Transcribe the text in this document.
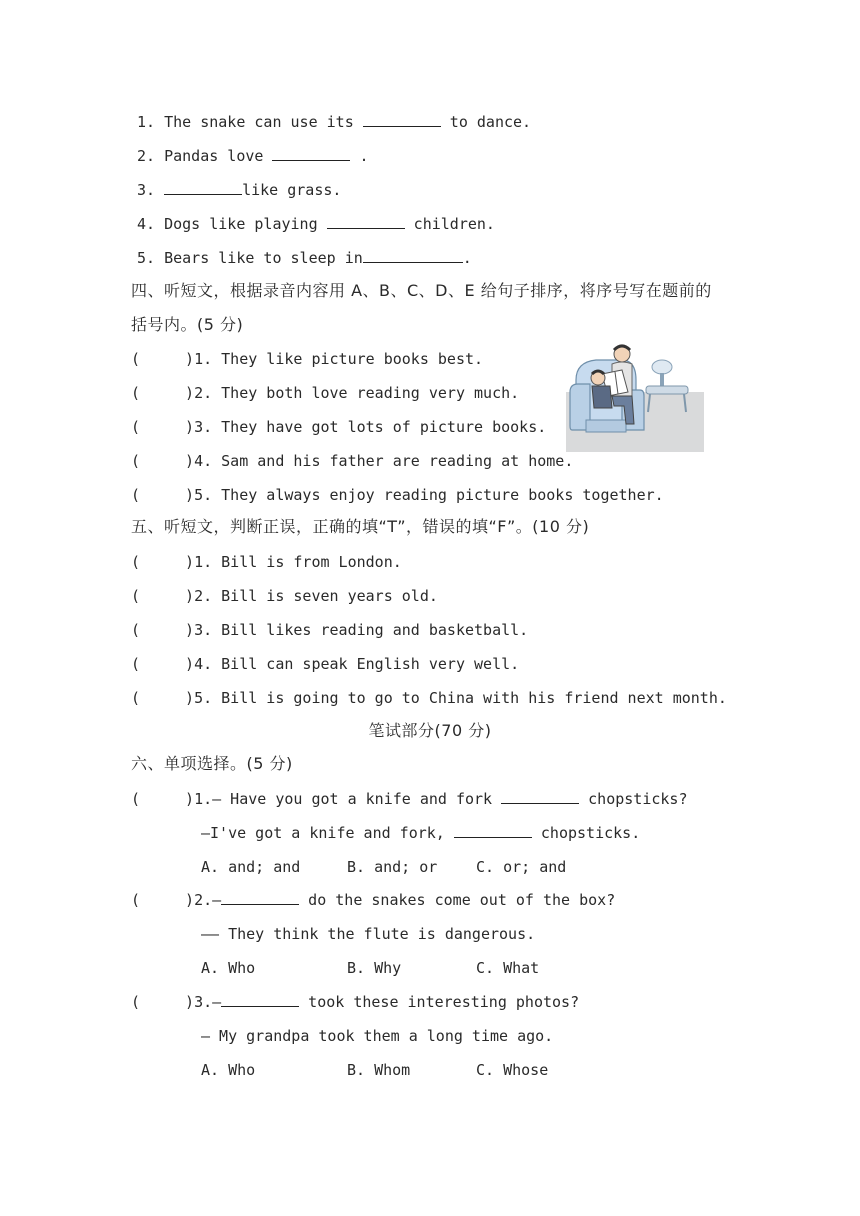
1. The snake can use its	to dance.
2. Pandas love	.
3.	like grass.
4. Dogs like playing	children.
5. Bears like to sleep in	.
四、听短文，根据录音内容用 A、B、C、D、E 给句子排序，将序号写在题前的
括号内。(5 分)
(	)1. They like picture books best.
(	)2. They both love reading very much.
(	)3. They have got lots of picture books.
(	)4. Sam and his father are reading at home.
(	)5. They always enjoy reading picture books together.
五、听短文，判断正误，正确的填“T”，错误的填“F”。(10 分)
(	)1. Bill is from London.
(	)2. Bill is seven years old.
(	)3. Bill likes reading and basketball.
(	)4. Bill can speak English very well.
(	)5. Bill is going to go to China with his friend next month.
笔试部分(70 分)
六、单项选择。(5 分)
(	)1.— Have you got a knife and fork	chopsticks?
—I've got a knife and fork,	chopsticks.
A. and; and	B. and; or	C. or; and
(	)2.—	do the snakes come out of the box?
—— They think the flute is dangerous.
A. Who	B. Why	C. What
(	)3.—	took these interesting photos?
— My grandpa took them a long time ago.
A. Who	B. Whom	C. Whose
